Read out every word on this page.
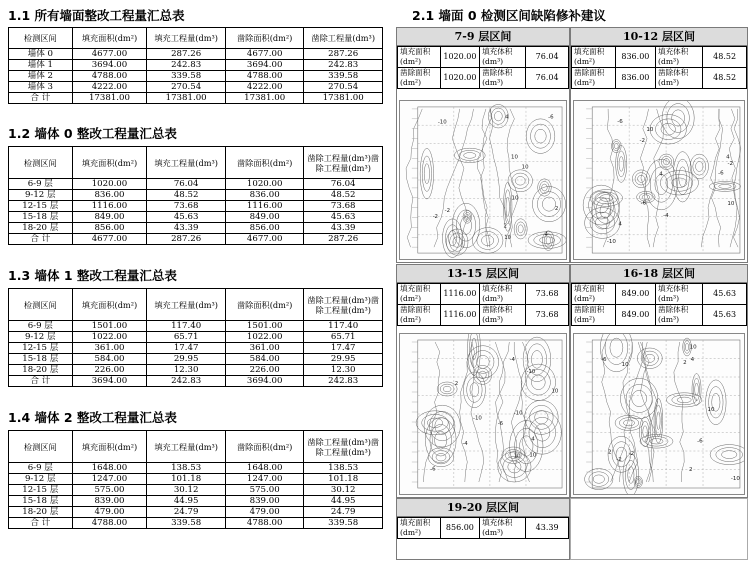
1.1 所有墙面整改工程量汇总表
检测区间	填充面积(dm²)	填充工程量(dm³)	凿除面积(dm²)	凿除工程量(dm³)
墙体 0	4677.00	287.26	4677.00	287.26
墙体 1	3694.00	242.83	3694.00	242.83
墙体 2	4788.00	339.58	4788.00	339.58
墙体 3	4222.00	270.54	4222.00	270.54
合 计	17381.00	17381.00	17381.00	17381.00
1.2 墙体 0 整改工程量汇总表
检测区间	填充面积(dm²)	填充工程量(dm³)	凿除面积(dm²)	凿除工程量(dm³)凿除工程量(dm³)
6-9 层	1020.00	76.04	1020.00	76.04
9-12 层	836.00	48.52	836.00	48.52
12-15 层	1116.00	73.68	1116.00	73.68
15-18 层	849.00	45.63	849.00	45.63
18-20 层	856.00	43.39	856.00	43.39
合 计	4677.00	287.26	4677.00	287.26
1.3 墙体 1 整改工程量汇总表
检测区间	填充面积(dm²)	填充工程量(dm³)	凿除面积(dm²)	凿除工程量(dm³)凿除工程量(dm³)
6-9 层	1501.00	117.40	1501.00	117.40
9-12 层	1022.00	65.71	1022.00	65.71
12-15 层	361.00	17.47	361.00	17.47
15-18 层	584.00	29.95	584.00	29.95
18-20 层	226.00	12.30	226.00	12.30
合 计	3694.00	242.83	3694.00	242.83
1.4 墙体 2 整改工程量汇总表
检测区间	填充面积(dm²)	填充工程量(dm³)	凿除面积(dm²)	凿除工程量(dm³)凿除工程量(dm³)
6-9 层	1648.00	138.53	1648.00	138.53
9-12 层	1247.00	101.18	1247.00	101.18
12-15 层	575.00	30.12	575.00	30.12
15-18 层	839.00	44.95	839.00	44.95
18-20 层	479.00	24.79	479.00	24.79
合 计	4788.00	339.58	4788.00	339.58
2.1 墙面 0 检测区间缺陷修补建议
7-9 层区间
填充面积(dm²)	1020.00	填充体积(dm³)	76.04
凿除面积(dm²)	1020.00	凿除体积(dm³)	76.04
10
10
-6
4
2
2
-2
-2
10
4
-10
10
10-12 层区间
填充面积(dm²)	836.00	填充体积(dm³)	48.52
凿除面积(dm²)	836.00	凿除体积(dm³)	48.52
10
4
10
-2
-6
4
-4
-6
-10
-6
-2
4
13-15 层区间
填充面积(dm²)	1116.00	填充体积(dm³)	73.68
凿除面积(dm²)	1116.00	凿除体积(dm³)	73.68
-6
2
10
-10
-10
10 10
-6
-10
-4
4
-4
16-18 层区间
填充面积(dm²)	849.00	填充体积(dm³)	45.63
凿除面积(dm²)	849.00	凿除体积(dm³)	45.63
-6
-6
-10
2
2
-2
-2
10
4
10
10
2
19-20 层区间
填充面积(dm²)	856.00	填充体积(dm³)	43.39
